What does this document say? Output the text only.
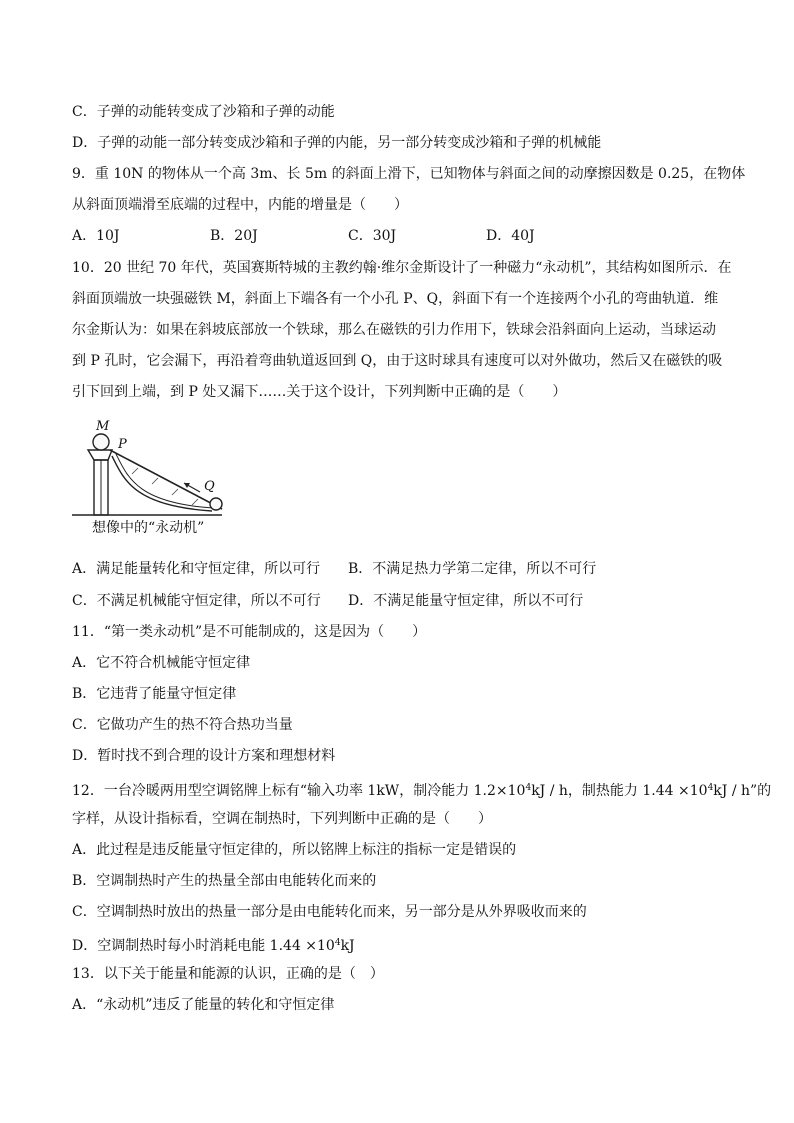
C．子弹的动能转变成了沙箱和子弹的动能
D．子弹的动能一部分转变成沙箱和子弹的内能，另一部分转变成沙箱和子弹的机械能
9．重 10N 的物体从一个高 3m、长 5m 的斜面上滑下，已知物体与斜面之间的动摩擦因数是 0.25，在物体
从斜面顶端滑至底端的过程中，内能的增量是（　　）
A．10J	B．20J	C．30J	D．40J
10．20 世纪 70 年代，英国赛斯特城的主教约翰·维尔金斯设计了一种磁力“永动机”，其结构如图所示．在
斜面顶端放一块强磁铁 M，斜面上下端各有一个小孔 P、Q，斜面下有一个连接两个小孔的弯曲轨道．维
尔金斯认为：如果在斜坡底部放一个铁球，那么在磁铁的引力作用下，铁球会沿斜面向上运动，当球运动
到 P 孔时，它会漏下，再沿着弯曲轨道返回到 Q，由于这时球具有速度可以对外做功，然后又在磁铁的吸
引下回到上端，到 P 处又漏下……关于这个设计，下列判断中正确的是（　　）
M
P
Q
想像中的“永动机”
A．满足能量转化和守恒定律，所以可行 B．不满足热力学第二定律，所以不可行
C．不满足机械能守恒定律，所以不可行 D．不满足能量守恒定律，所以不可行
11．“第一类永动机”是不可能制成的，这是因为（　　）
A．它不符合机械能守恒定律
B．它违背了能量守恒定律
C．它做功产生的热不符合热功当量
D．暂时找不到合理的设计方案和理想材料
12．一台冷暖两用型空调铭牌上标有“输入功率 1kW，制冷能力 $1.2\times 10^4kJ / h$，制热能力 $1.44 \times 10^4kJ / h$”的
字样，从设计指标看，空调在制热时，下列判断中正确的是（　　）
A．此过程是违反能量守恒定律的，所以铭牌上标注的指标一定是错误的
B．空调制热时产生的热量全部由电能转化而来的
C．空调制热时放出的热量一部分是由电能转化而来，另一部分是从外界吸收而来的
D．空调制热时每小时消耗电能 $1.44 \times 10^4kJ$
13．以下关于能量和能源的认识，正确的是（　）
A．“永动机”违反了能量的转化和守恒定律
